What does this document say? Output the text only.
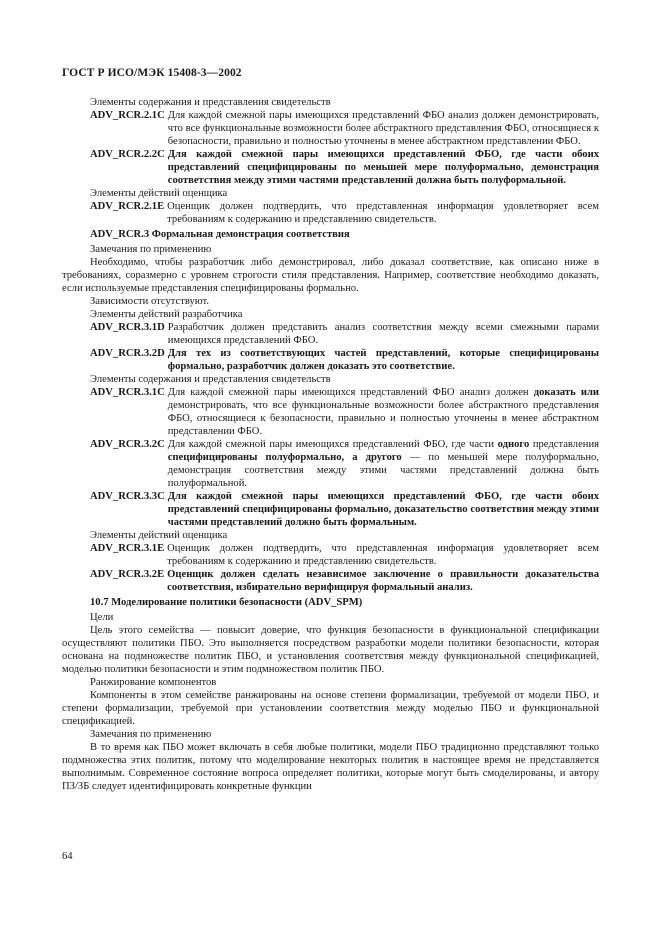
ГОСТ Р ИСО/МЭК 15408-3—2002
Элементы содержания и представления свидетельств
ADV_RCR.2.1C Для каждой смежной пары имеющихся представлений ФБО анализ должен демонстрировать, что все функциональные возможности более абстрактного представления ФБО, относящиеся к безопасности, правильно и полностью уточнены в менее абстрактном представлении ФБО.
ADV_RCR.2.2C Для каждой смежной пары имеющихся представлений ФБО, где части обоих представлений специфицированы по меньшей мере полуформально, демонстрация соответствия между этими частями представлений должна быть полуформальной.
Элементы действий оценщика
ADV_RCR.2.1E Оценщик должен подтвердить, что представленная информация удовлетворяет всем требованиям к содержанию и представлению свидетельств.
ADV_RCR.3 Формальная демонстрация соответствия
Замечания по применению
Необходимо, чтобы разработчик либо демонстрировал, либо доказал соответствие, как описано ниже в требованиях, соразмерно с уровнем строгости стиля представления. Например, соответствие необходимо доказать, если используемые представления специфицированы формально.
Зависимости отсутствуют.
Элементы действий разработчика
ADV_RCR.3.1D Разработчик должен представить анализ соответствия между всеми смежными парами имеющихся представлений ФБО.
ADV_RCR.3.2D Для тех из соответствующих частей представлений, которые специфицированы формально, разработчик должен доказать это соответствие.
Элементы содержания и представления свидетельств
ADV_RCR.3.1C Для каждой смежной пары имеющихся представлений ФБО анализ должен доказать или демонстрировать, что все функциональные возможности более абстрактного представления ФБО, относящиеся к безопасности, правильно и полностью уточнены в менее абстрактном представлении ФБО.
ADV_RCR.3.2C Для каждой смежной пары имеющихся представлений ФБО, где части одного представления специфицированы полуформально, а другого — по меньшей мере полуформально, демонстрация соответствия между этими частями представлений должна быть полуформальной.
ADV_RCR.3.3C Для каждой смежной пары имеющихся представлений ФБО, где части обоих представлений специфицированы формально, доказательство соответствия между этими частями представлений должно быть формальным.
Элементы действий оценщика
ADV_RCR.3.1E Оценщик должен подтвердить, что представленная информация удовлетворяет всем требованиям к содержанию и представлению свидетельств.
ADV_RCR.3.2E Оценщик должен сделать независимое заключение о правильности доказательства соответствия, избирательно верифицируя формальный анализ.
10.7 Моделирование политики безопасности (ADV_SPM)
Цели
Цель этого семейства — повысит доверие, что функция безопасности в функциональной спецификации осуществляют политики ПБО. Это выполняется посредством разработки модели политики безопасности, которая основана на подмножестве политик ПБО, и установления соответствия между функциональной спецификацией, моделью политики безопасности и этим подмножеством политик ПБО.
Ранжирование компонентов
Компоненты в этом семействе ранжированы на основе степени формализации, требуемой от модели ПБО, и степени формализации, требуемой при установлении соответствия между моделью ПБО и функциональной спецификацией.
Замечания по применению
В то время как ПБО может включать в себя любые политики, модели ПБО традиционно представляют только подмножества этих политик, потому что моделирование некоторых политик в настоящее время не представляется выполнимым. Современное состояние вопроса определяет политики, которые могут быть смоделированы, и автору ПЗ/ЗБ следует идентифицировать конкретные функции
64
